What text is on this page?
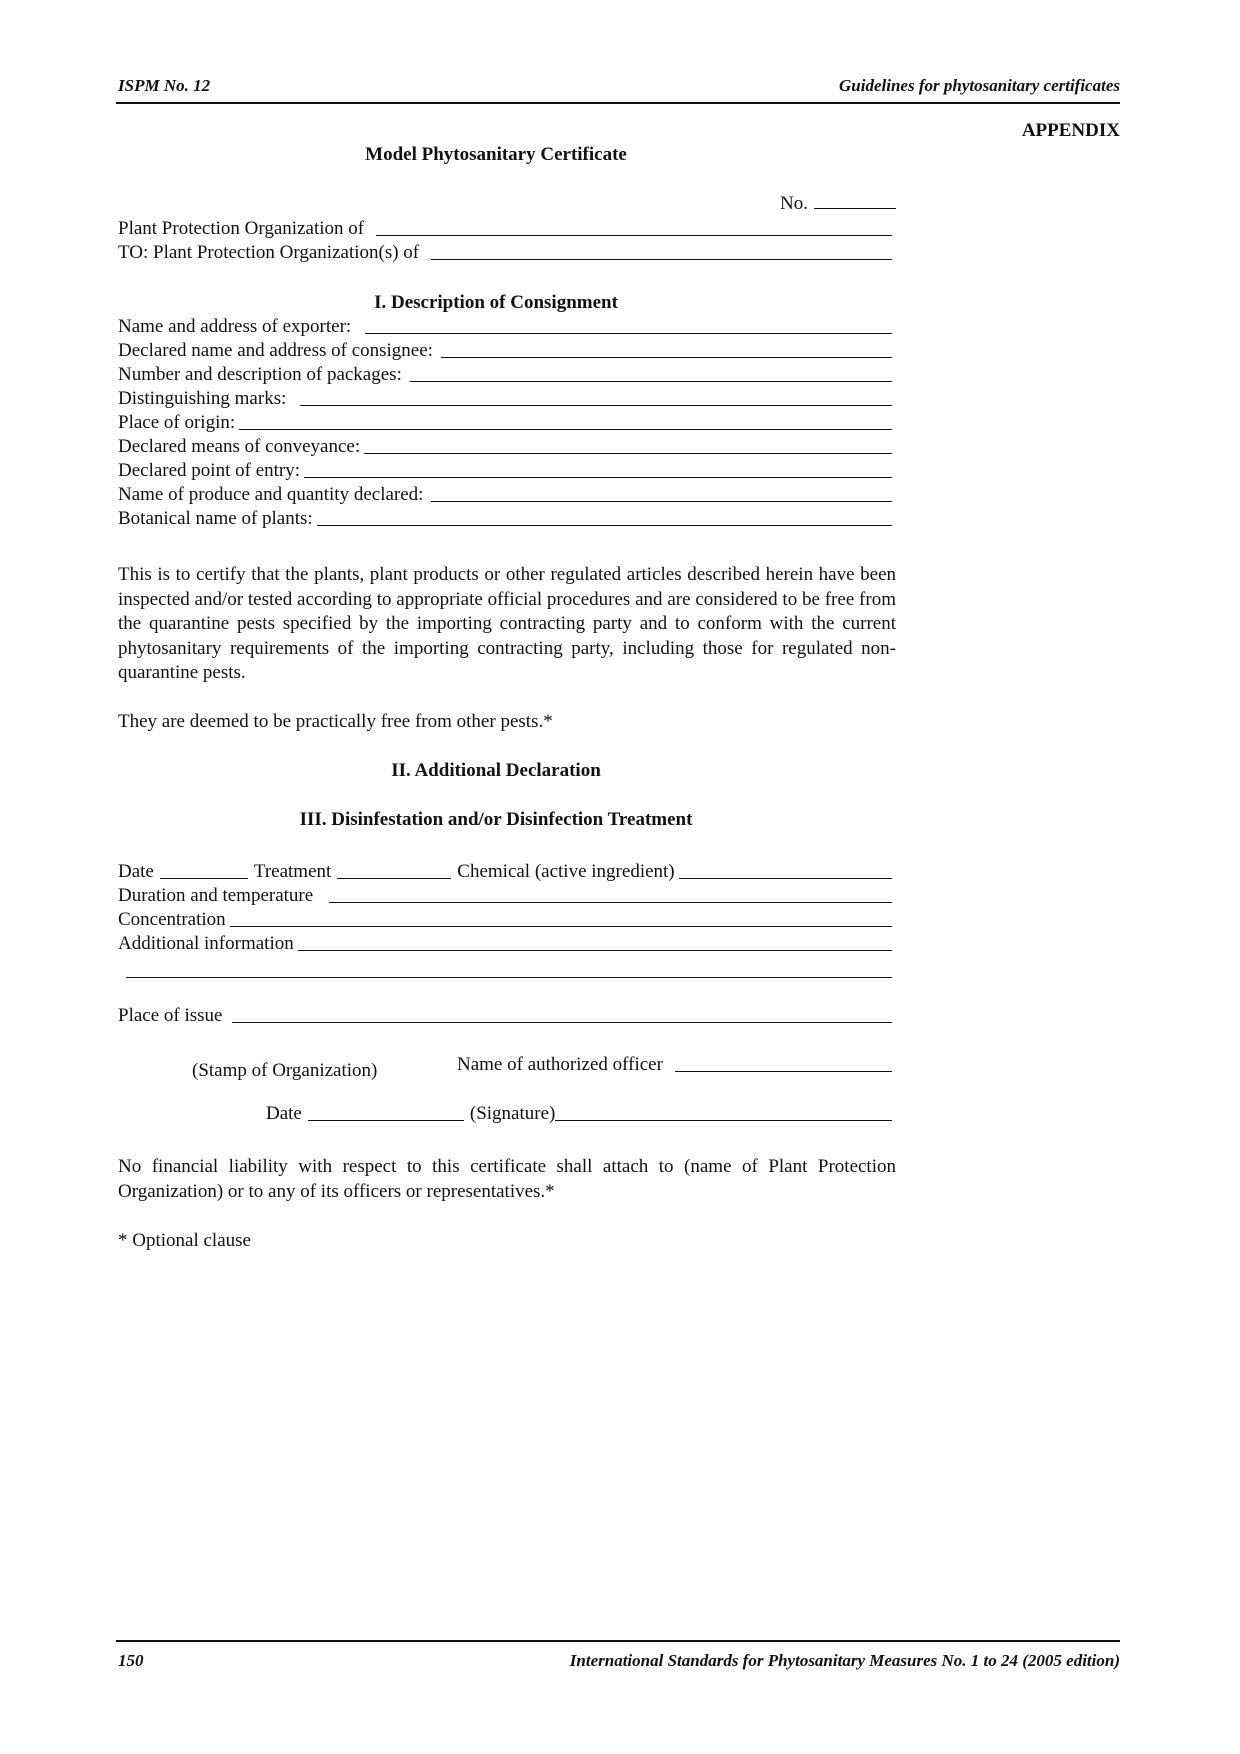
ISPM No. 12	Guidelines for phytosanitary certificates
APPENDIX
Model Phytosanitary Certificate
No.
Plant Protection Organization of
TO: Plant Protection Organization(s) of
I. Description of Consignment
Name and address of exporter:
Declared name and address of consignee:
Number and description of packages:
Distinguishing marks:
Place of origin:
Declared means of conveyance:
Declared point of entry:
Name of produce and quantity declared:
Botanical name of plants:
This is to certify that the plants, plant products or other regulated articles described herein have been inspected and/or tested according to appropriate official procedures and are considered to be free from the quarantine pests specified by the importing contracting party and to conform with the current phytosanitary requirements of the importing contracting party, including those for regulated non-quarantine pests.
They are deemed to be practically free from other pests.*
II. Additional Declaration
III. Disinfestation and/or Disinfection Treatment
Date	Treatment	Chemical (active ingredient)
Duration and temperature
Concentration
Additional information
Place of issue
(Stamp of Organization)	Name of authorized officer
Date	(Signature)
No financial liability with respect to this certificate shall attach to (name of Plant Protection Organization) or to any of its officers or representatives.*
* Optional clause
150	International Standards for Phytosanitary Measures No. 1 to 24 (2005 edition)
